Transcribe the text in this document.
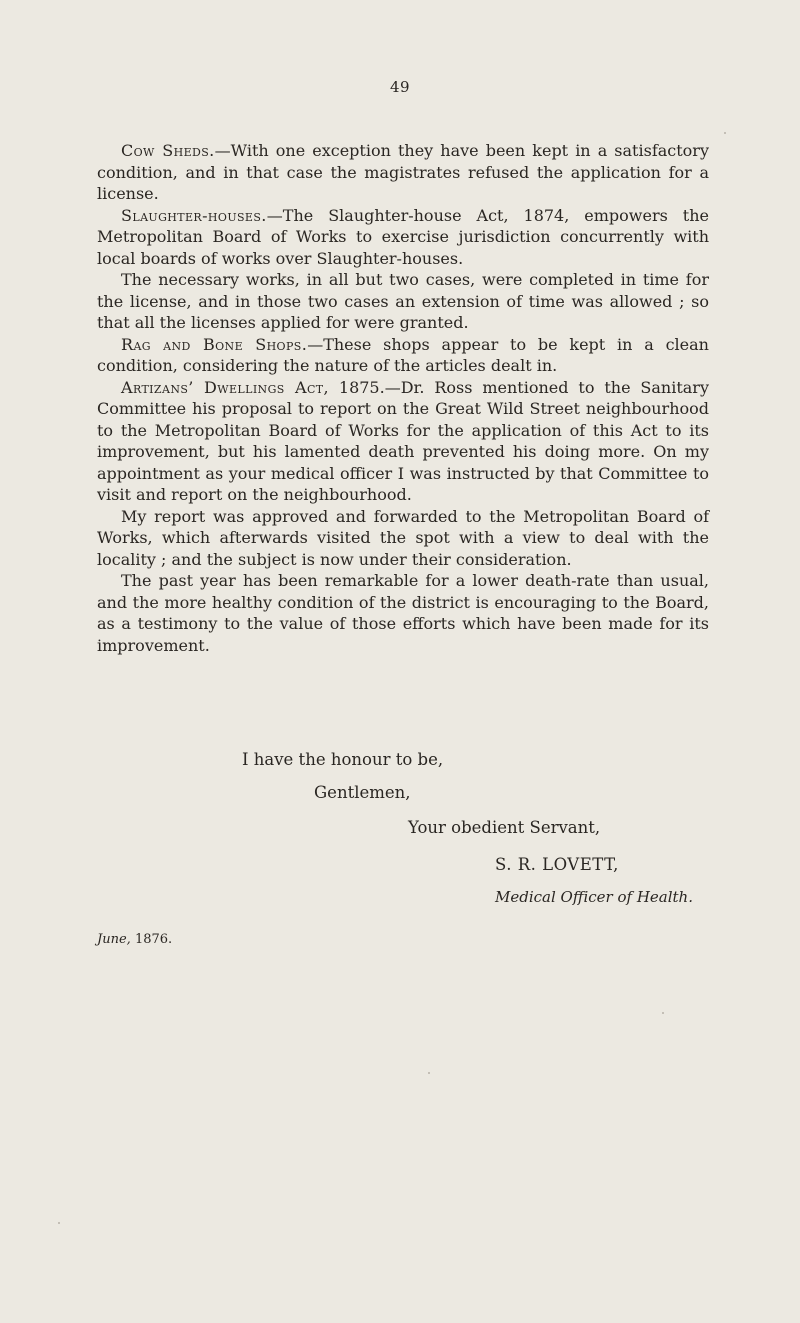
49

Cow Sheds.—With one exception they have been kept in a satisfactory condition, and in that case the magistrates refused the application for a license.

Slaughter-houses.—The Slaughter-house Act, 1874, empowers the Metropolitan Board of Works to exercise jurisdiction concurrently with local boards of works over Slaughter-houses.

The necessary works, in all but two cases, were completed in time for the license, and in those two cases an extension of time was allowed ; so that all the licenses applied for were granted.

Rag and Bone Shops.—These shops appear to be kept in a clean condition, considering the nature of the articles dealt in.

Artizans’ Dwellings Act, 1875.—Dr. Ross mentioned to the Sanitary Committee his proposal to report on the Great Wild Street neighbourhood to the Metropolitan Board of Works for the application of this Act to its improvement, but his lamented death prevented his doing more. On my appointment as your medical officer I was instructed by that Committee to visit and report on the neighbourhood.

My report was approved and forwarded to the Metropolitan Board of Works, which afterwards visited the spot with a view to deal with the locality ; and the subject is now under their consideration.

The past year has been remarkable for a lower death-rate than usual, and the more healthy condition of the district is encouraging to the Board, as a testimony to the value of those efforts which have been made for its improvement.

I have the honour to be,
Gentlemen,
Your obedient Servant,
S. R. LOVETT,
Medical Officer of Health.
June, 1876.
